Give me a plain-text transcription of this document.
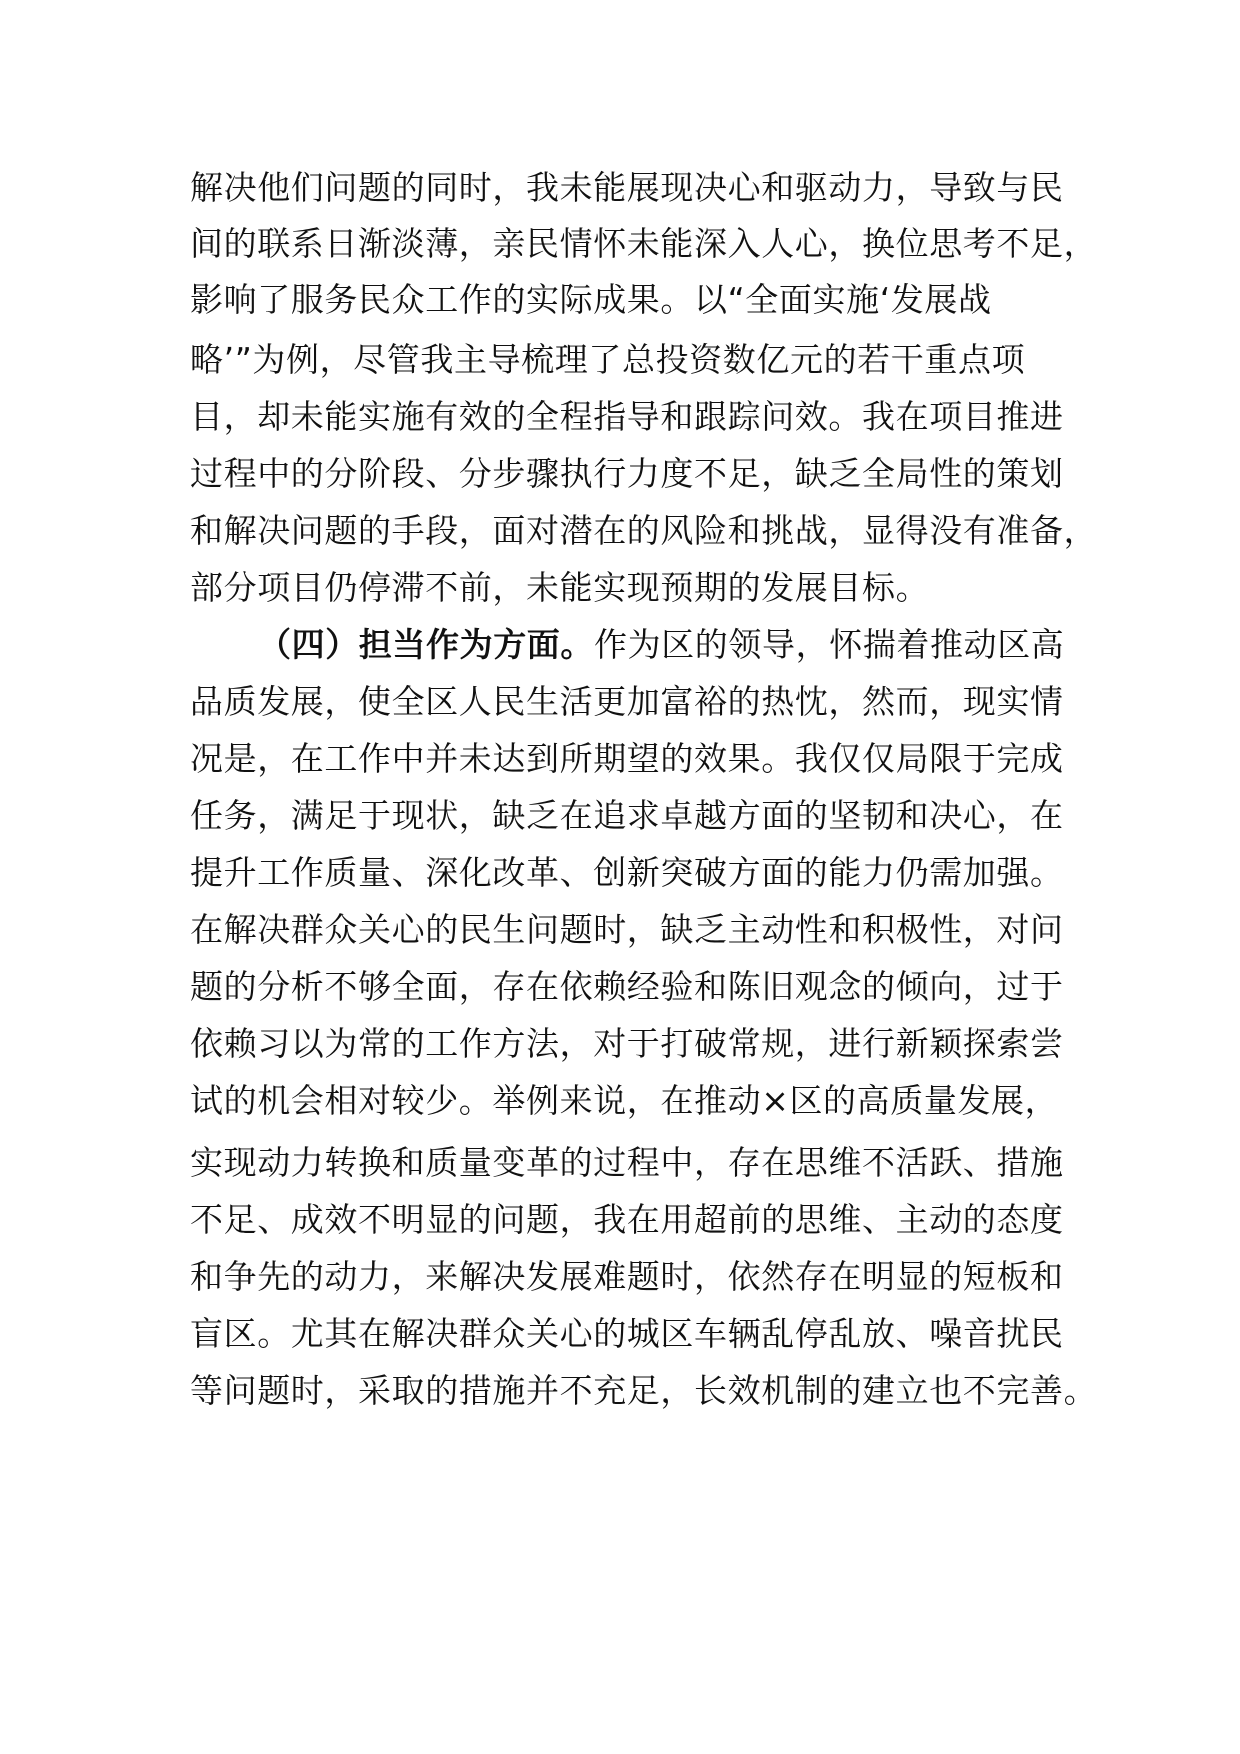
解决他们问题的同时，我未能展现决心和驱动力，导致与民
间的联系日渐淡薄，亲民情怀未能深入人心，换位思考不足，
影响了服务民众工作的实际成果。以“全面实施‘发展战
略’”为例，尽管我主导梳理了总投资数亿元的若干重点项
目，却未能实施有效的全程指导和跟踪问效。我在项目推进
过程中的分阶段、分步骤执行力度不足，缺乏全局性的策划
和解决问题的手段，面对潜在的风险和挑战，显得没有准备，
部分项目仍停滞不前，未能实现预期的发展目标。
（四）担当作为方面。作为区的领导，怀揣着推动区高
品质发展，使全区人民生活更加富裕的热忱，然而，现实情
况是，在工作中并未达到所期望的效果。我仅仅局限于完成
任务，满足于现状，缺乏在追求卓越方面的坚韧和决心，在
提升工作质量、深化改革、创新突破方面的能力仍需加强。
在解决群众关心的民生问题时，缺乏主动性和积极性，对问
题的分析不够全面，存在依赖经验和陈旧观念的倾向，过于
依赖习以为常的工作方法，对于打破常规，进行新颖探索尝
试的机会相对较少。举例来说，在推动×区的高质量发展，
实现动力转换和质量变革的过程中，存在思维不活跃、措施
不足、成效不明显的问题，我在用超前的思维、主动的态度
和争先的动力，来解决发展难题时，依然存在明显的短板和
盲区。尤其在解决群众关心的城区车辆乱停乱放、噪音扰民
等问题时，采取的措施并不充足，长效机制的建立也不完善。
